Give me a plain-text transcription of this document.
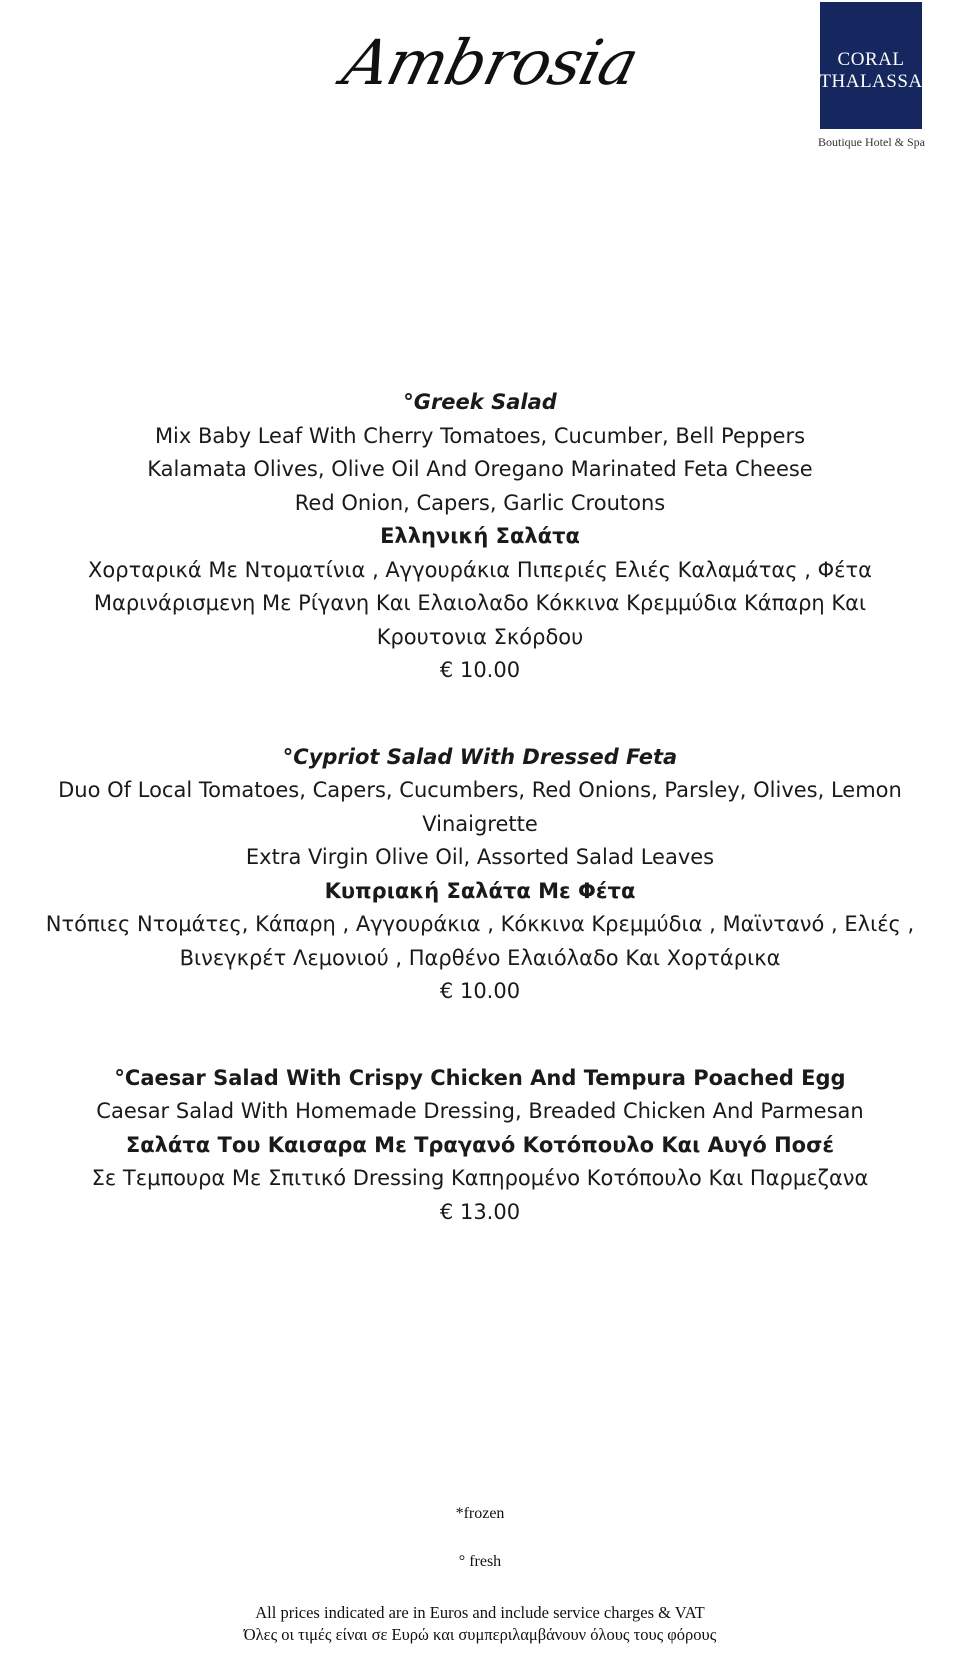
Ambrosia	CORAL
THALASSA
Boutique Hotel & Spa
°Greek Salad
Mix Baby Leaf With Cherry Tomatoes, Cucumber, Bell Peppers
Kalamata Olives, Olive Oil And Oregano Marinated Feta Cheese
Red Onion, Capers, Garlic Croutons
Ελληνική Σαλάτα
Χορταρικά Με Ντοματίνια , Αγγουράκια Πιπεριές Ελιές Καλαμάτας , Φέτα
Μαρινάρισμενη Με Ρίγανη Και Ελαιολαδο Κόκκινα Κρεμμύδια Κάπαρη Και
Κρουτονια Σκόρδου
€ 10.00
°Cypriot Salad With Dressed Feta
Duo Of Local Tomatoes, Capers, Cucumbers, Red Onions, Parsley, Olives, Lemon
Vinaigrette
Extra Virgin Olive Oil, Assorted Salad Leaves
Κυπριακή Σαλάτα Με Φέτα
Ντόπιες Ντομάτες, Κάπαρη , Αγγουράκια , Κόκκινα Κρεμμύδια , Μαϊντανό , Ελιές ,
Βινεγκρέτ Λεμονιού , Παρθένο Ελαιόλαδο Και Χορτάρικα
€ 10.00
°Caesar Salad With Crispy Chicken And Tempura Poached Egg
Caesar Salad With Homemade Dressing, Breaded Chicken And Parmesan
Σαλάτα Του Καισαρα Με Τραγανό Κοτόπουλο Και Αυγό Ποσέ
Σε Τεμπουρα Με Σπιτικό Dressing Καπηρομένο Κοτόπουλο Και Παρμεζανα
€ 13.00
*frozen
° fresh
All prices indicated are in Euros and include service charges & VAT
Όλες οι τιμές είναι σε Ευρώ και συμπεριλαμβάνουν όλους τους φόρους
